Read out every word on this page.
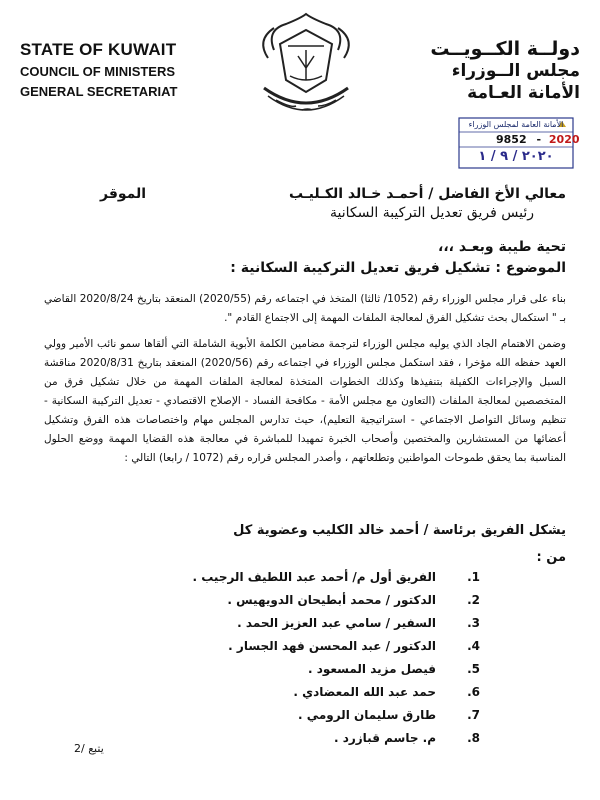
STATE OF KUWAIT
COUNCIL OF MINISTERS
GENERAL SECRETARIAT
دولــة الكــويــت
مجلس الــوزراء
الأمانة العـامة
الأمانة العامة لمجلس الوزراء
9852 - 2020
٢٠٢٠ / ٩ / ١
معالي الأخ الفاضل / أحمـد خـالد الكـليـب
رئيس فريق تعديل التركيبة السكانية
الموقر
تحية طيبة وبعـد ،،،
الموضوع : تشكيل فريق تعديل التركيبة السكانية :
بناء على قرار مجلس الوزراء رقم (1052/ ثالثا) المتخذ في اجتماعه رقم (2020/55) المنعقد بتاريخ 2020/8/24 القاضي بـ " استكمال بحث تشكيل الفرق لمعالجة الملفات المهمة إلى الاجتماع القادم ".
وضمن الاهتمام الجاد الذي يوليه مجلس الوزراء لترجمة مضامين الكلمة الأبوية الشاملة التي ألقاها سمو نائب الأمير وولي العهد حفظه الله مؤخرا ، فقد استكمل مجلس الوزراء في اجتماعه رقم (2020/56) المنعقد بتاريخ 2020/8/31 مناقشة السبل والإجراءات الكفيلة بتنفيذها وكذلك الخطوات المتخذة لمعالجة الملفات المهمة من خلال تشكيل فرق من المتخصصين لمعالجة الملفات (التعاون مع مجلس الأمة - مكافحة الفساد - الإصلاح الاقتصادي - تعديل التركيبة السكانية - تنظيم وسائل التواصل الاجتماعي - استراتيجية التعليم)، حيث تدارس المجلس مهام واختصاصات هذه الفرق وتشكيل أعضائها من المستشارين والمختصين وأصحاب الخبرة تمهيدا للمباشرة في معالجة هذه القضايا المهمة ووضع الحلول المناسبة بما يحقق طموحات المواطنين وتطلعاتهم ، وأصدر المجلس قراره رقم (1072 / رابعا) التالي :
يشكل الفريق برئاسة / أحمد خالد الكليب وعضوية كل
من :
1.الفريق أول م/ أحمد عبد اللطيف الرجيب .
2.الدكتور / محمد أبطيحان الدويهيس .
3.السفير / سامي عبد العزيز الحمد .
4.الدكتور / عبد المحسن فهد الجسار .
5.فيصل مزيد المسعود .
6.حمد عبد الله المعضادي .
7.طارق سليمان الرومي .
8.م. جاسم قبازرد .
يتبع /2
